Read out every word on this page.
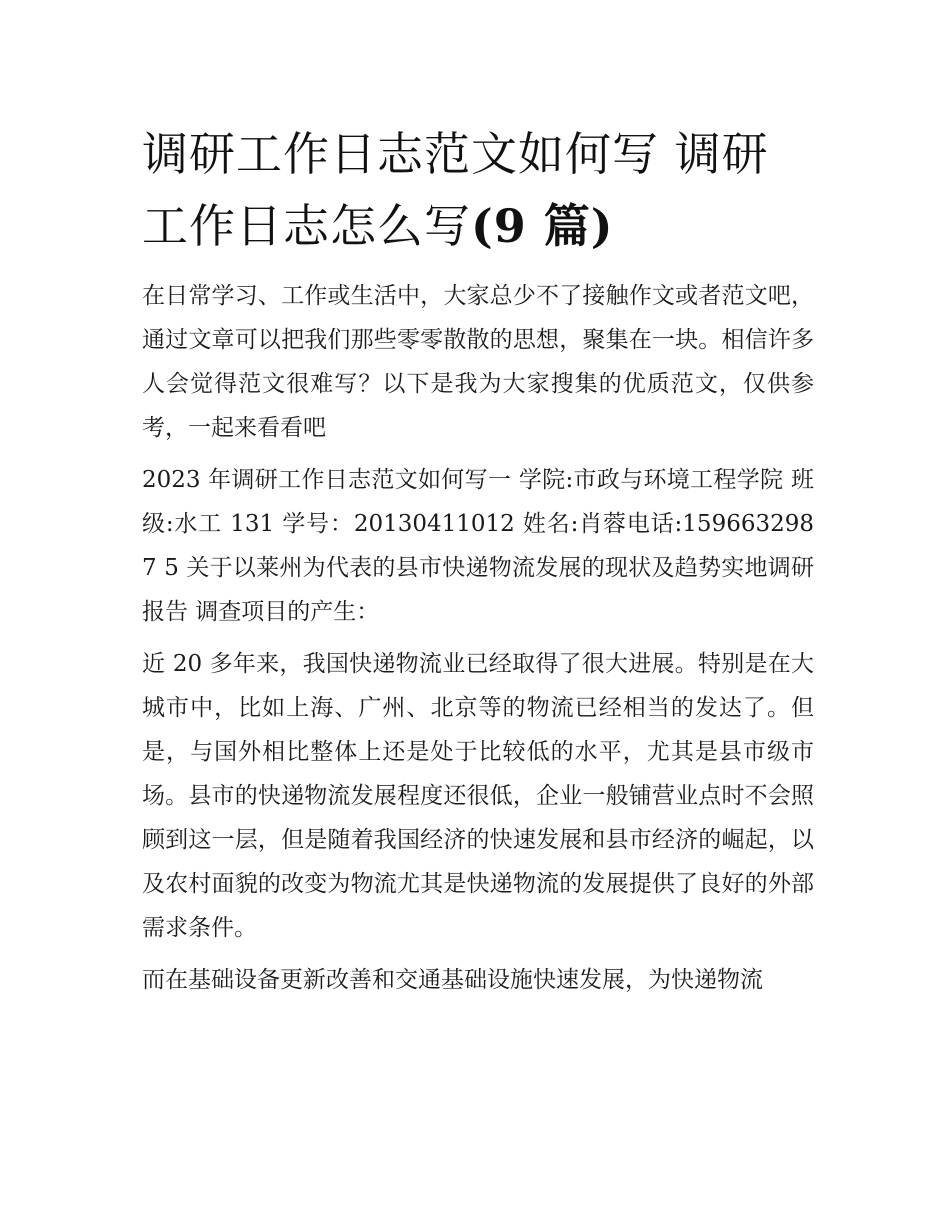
调研工作日志范文如何写 调研工作日志怎么写(9 篇)

在日常学习、工作或生活中，大家总少不了接触作文或者范文吧，通过文章可以把我们那些零零散散的思想，聚集在一块。相信许多人会觉得范文很难写？以下是我为大家搜集的优质范文，仅供参考，一起来看看吧

2023 年调研工作日志范文如何写一 学院:市政与环境工程学院 班级:水工 131 学号：20130411012 姓名:肖蓉电话:1596632987 5 关于以莱州为代表的县市快递物流发展的现状及趋势实地调研报告 调查项目的产生：

近 20 多年来，我国快递物流业已经取得了很大进展。特别是在大城市中，比如上海、广州、北京等的物流已经相当的发达了。但是，与国外相比整体上还是处于比较低的水平，尤其是县市级市场。县市的快递物流发展程度还很低，企业一般铺营业点时不会照顾到这一层，但是随着我国经济的快速发展和县市经济的崛起，以及农村面貌的改变为物流尤其是快递物流的发展提供了良好的外部需求条件。

而在基础设备更新改善和交通基础设施快速发展，为快递物流
